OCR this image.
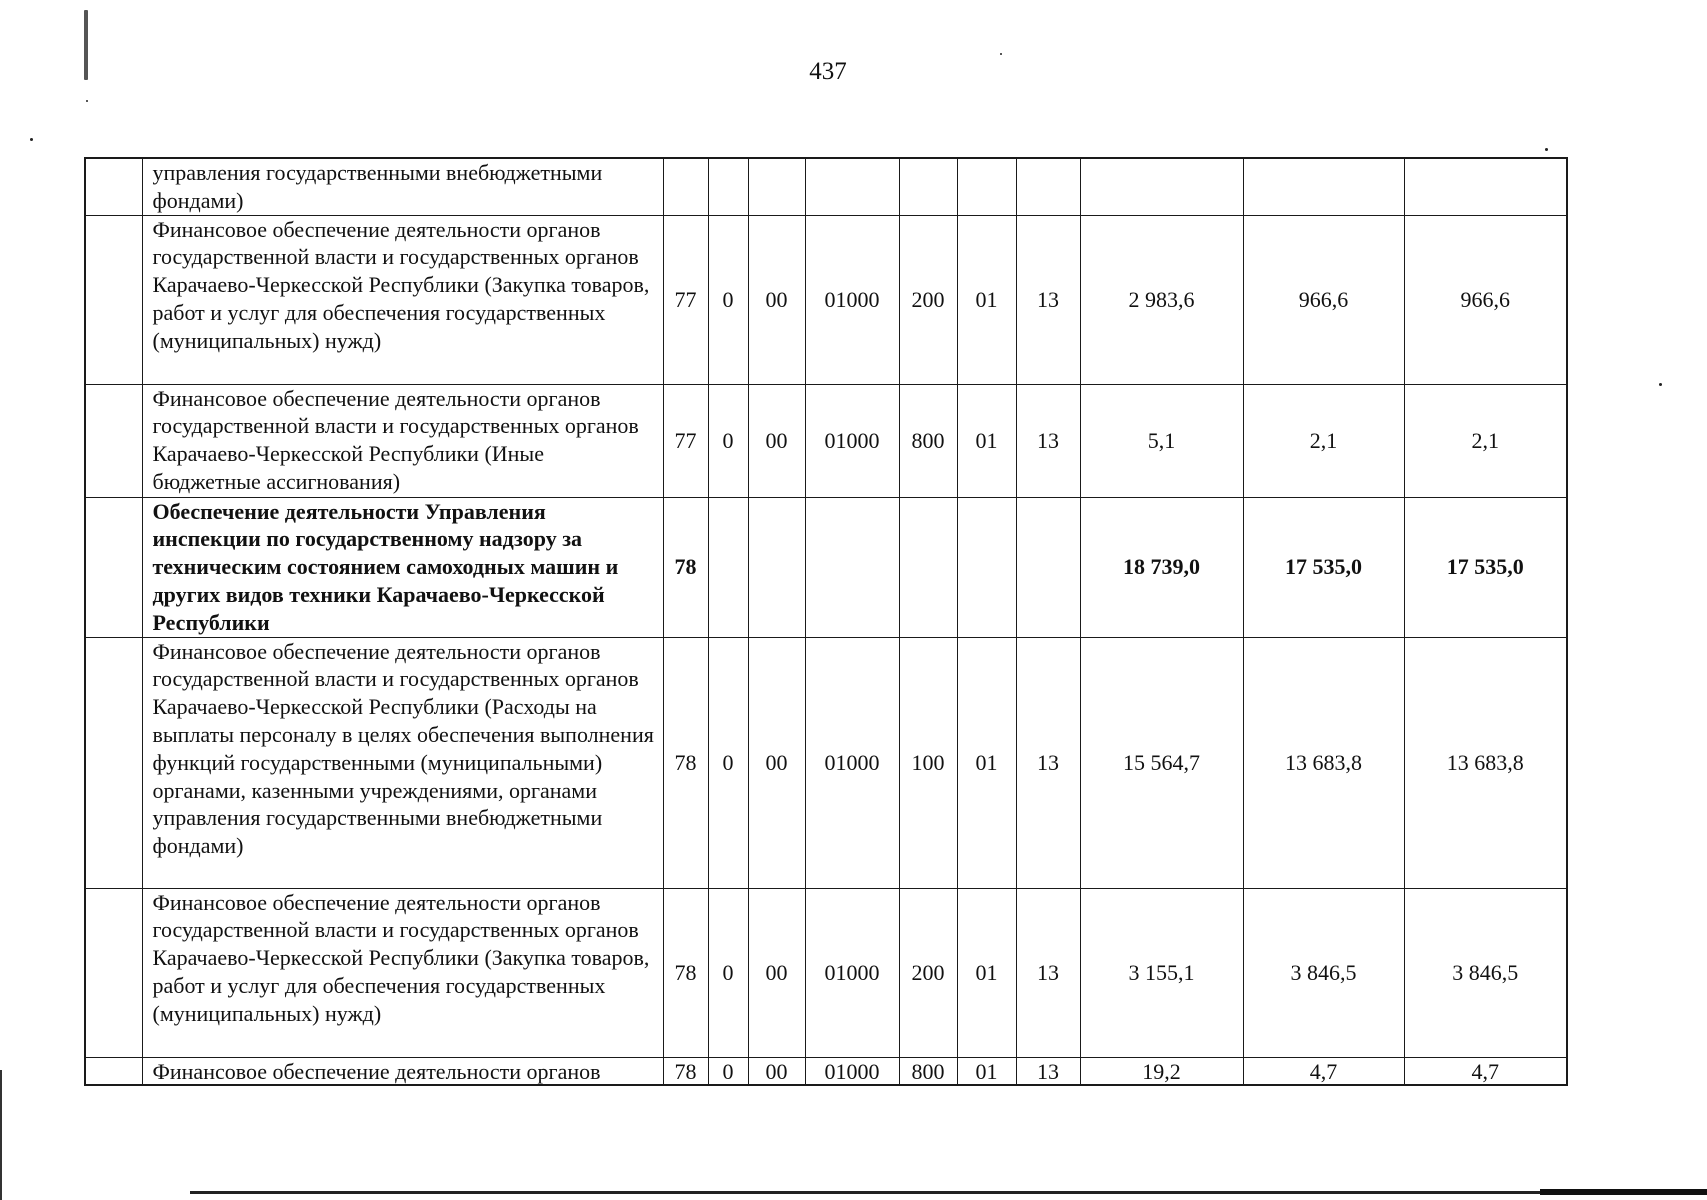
437
	управления государственными внебюджетными фондами)										
	Финансовое обеспечение деятельности органов государственной власти и государственных органов Карачаево-Черкесской Республики (Закупка товаров, работ и услуг для обеспечения государственных (муниципальных) нужд)	77	0	00	01000	200	01	13	2 983,6	966,6	966,6
	Финансовое обеспечение деятельности органов государственной власти и государственных органов Карачаево-Черкесской Республики (Иные бюджетные ассигнования)	77	0	00	01000	800	01	13	5,1	2,1	2,1
	Обеспечение деятельности Управления инспекции по государственному надзору за техническим состоянием самоходных машин и других видов техники Карачаево-Черкесской Республики	78							18 739,0	17 535,0	17 535,0
	Финансовое обеспечение деятельности органов государственной власти и государственных органов Карачаево-Черкесской Республики (Расходы на выплаты персоналу в целях обеспечения выполнения функций государственными (муниципальными) органами, казенными учреждениями, органами управления государственными внебюджетными фондами)	78	0	00	01000	100	01	13	15 564,7	13 683,8	13 683,8
	Финансовое обеспечение деятельности органов государственной власти и государственных органов Карачаево-Черкесской Республики (Закупка товаров, работ и услуг для обеспечения государственных (муниципальных) нужд)	78	0	00	01000	200	01	13	3 155,1	3 846,5	3 846,5
	Финансовое обеспечение деятельности органов	78	0	00	01000	800	01	13	19,2	4,7	4,7
